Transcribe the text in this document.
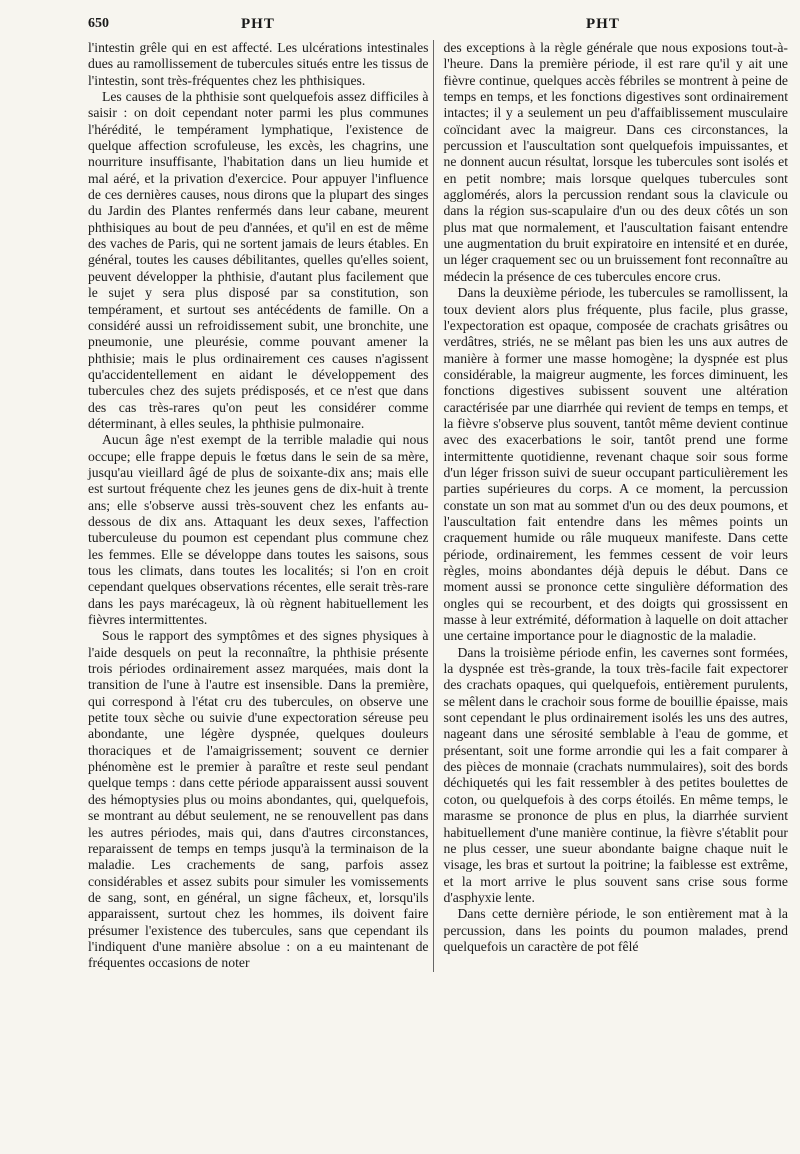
650	PHT	PHT

l'intestin grêle qui en est affecté. Les ulcérations intestinales dues au ramollissement de tubercules situés entre les tissus de l'intestin, sont très-fréquentes chez les phthisiques.

Les causes de la phthisie sont quelquefois assez difficiles à saisir : on doit cependant noter parmi les plus communes l'hérédité, le tempérament lymphatique, l'existence de quelque affection scrofuleuse, les excès, les chagrins, une nourriture insuffisante, l'habitation dans un lieu humide et mal aéré, et la privation d'exercice. Pour appuyer l'influence de ces dernières causes, nous dirons que la plupart des singes du Jardin des Plantes renfermés dans leur cabane, meurent phthisiques au bout de peu d'années, et qu'il en est de même des vaches de Paris, qui ne sortent jamais de leurs étables. En général, toutes les causes débilitantes, quelles qu'elles soient, peuvent développer la phthisie, d'autant plus facilement que le sujet y sera plus disposé par sa constitution, son tempérament, et surtout ses antécédents de famille. On a considéré aussi un refroidissement subit, une bronchite, une pneumonie, une pleurésie, comme pouvant amener la phthisie; mais le plus ordinairement ces causes n'agissent qu'accidentellement en aidant le développement des tubercules chez des sujets prédisposés, et ce n'est que dans des cas très-rares qu'on peut les considérer comme déterminant, à elles seules, la phthisie pulmonaire.

Aucun âge n'est exempt de la terrible maladie qui nous occupe; elle frappe depuis le fœtus dans le sein de sa mère, jusqu'au vieillard âgé de plus de soixante-dix ans; mais elle est surtout fréquente chez les jeunes gens de dix-huit à trente ans; elle s'observe aussi très-souvent chez les enfants au-dessous de dix ans. Attaquant les deux sexes, l'affection tuberculeuse du poumon est cependant plus commune chez les femmes. Elle se développe dans toutes les saisons, sous tous les climats, dans toutes les localités; si l'on en croit cependant quelques observations récentes, elle serait très-rare dans les pays marécageux, là où règnent habituellement les fièvres intermittentes.

Sous le rapport des symptômes et des signes physiques à l'aide desquels on peut la reconnaître, la phthisie présente trois périodes ordinairement assez marquées, mais dont la transition de l'une à l'autre est insensible. Dans la première, qui correspond à l'état cru des tubercules, on observe une petite toux sèche ou suivie d'une expectoration séreuse peu abondante, une légère dyspnée, quelques douleurs thoraciques et de l'amaigrissement; souvent ce dernier phénomène est le premier à paraître et reste seul pendant quelque temps : dans cette période apparaissent aussi souvent des hémoptysies plus ou moins abondantes, qui, quelquefois, se montrant au début seulement, ne se renouvellent pas dans les autres périodes, mais qui, dans d'autres circonstances, reparaissent de temps en temps jusqu'à la terminaison de la maladie. Les crachements de sang, parfois assez considérables et assez subits pour simuler les vomissements de sang, sont, en général, un signe fâcheux, et, lorsqu'ils apparaissent, surtout chez les hommes, ils doivent faire présumer l'existence des tubercules, sans que cependant ils l'indiquent d'une manière absolue : on a eu maintenant de fréquentes occasions de noter

des exceptions à la règle générale que nous exposions tout-à-l'heure. Dans la première période, il est rare qu'il y ait une fièvre continue, quelques accès fébriles se montrent à peine de temps en temps, et les fonctions digestives sont ordinairement intactes; il y a seulement un peu d'affaiblissement musculaire coïncidant avec la maigreur. Dans ces circonstances, la percussion et l'auscultation sont quelquefois impuissantes, et ne donnent aucun résultat, lorsque les tubercules sont isolés et en petit nombre; mais lorsque quelques tubercules sont agglomérés, alors la percussion rendant sous la clavicule ou dans la région sus-scapulaire d'un ou des deux côtés un son plus mat que normalement, et l'auscultation faisant entendre une augmentation du bruit expiratoire en intensité et en durée, un léger craquement sec ou un bruissement font reconnaître au médecin la présence de ces tubercules encore crus.

Dans la deuxième période, les tubercules se ramollissent, la toux devient alors plus fréquente, plus facile, plus grasse, l'expectoration est opaque, composée de crachats grisâtres ou verdâtres, striés, ne se mêlant pas bien les uns aux autres de manière à former une masse homogène; la dyspnée est plus considérable, la maigreur augmente, les forces diminuent, les fonctions digestives subissent souvent une altération caractérisée par une diarrhée qui revient de temps en temps, et la fièvre s'observe plus souvent, tantôt même devient continue avec des exacerbations le soir, tantôt prend une forme intermittente quotidienne, revenant chaque soir sous forme d'un léger frisson suivi de sueur occupant particulièrement les parties supérieures du corps. A ce moment, la percussion constate un son mat au sommet d'un ou des deux poumons, et l'auscultation fait entendre dans les mêmes points un craquement humide ou râle muqueux manifeste. Dans cette période, ordinairement, les femmes cessent de voir leurs règles, moins abondantes déjà depuis le début. Dans ce moment aussi se prononce cette singulière déformation des ongles qui se recourbent, et des doigts qui grossissent en masse à leur extrémité, déformation à laquelle on doit attacher une certaine importance pour le diagnostic de la maladie.

Dans la troisième période enfin, les cavernes sont formées, la dyspnée est très-grande, la toux très-facile fait expectorer des crachats opaques, qui quelquefois, entièrement purulents, se mêlent dans le crachoir sous forme de bouillie épaisse, mais sont cependant le plus ordinairement isolés les uns des autres, nageant dans une sérosité semblable à l'eau de gomme, et présentant, soit une forme arrondie qui les a fait comparer à des pièces de monnaie (crachats nummulaires), soit des bords déchiquetés qui les fait ressembler à des petites boulettes de coton, ou quelquefois à des corps étoilés. En même temps, le marasme se prononce de plus en plus, la diarrhée survient habituellement d'une manière continue, la fièvre s'établit pour ne plus cesser, une sueur abondante baigne chaque nuit le visage, les bras et surtout la poitrine; la faiblesse est extrême, et la mort arrive le plus souvent sans crise sous forme d'asphyxie lente.

Dans cette dernière période, le son entièrement mat à la percussion, dans les points du poumon malades, prend quelquefois un caractère de pot fêlé
